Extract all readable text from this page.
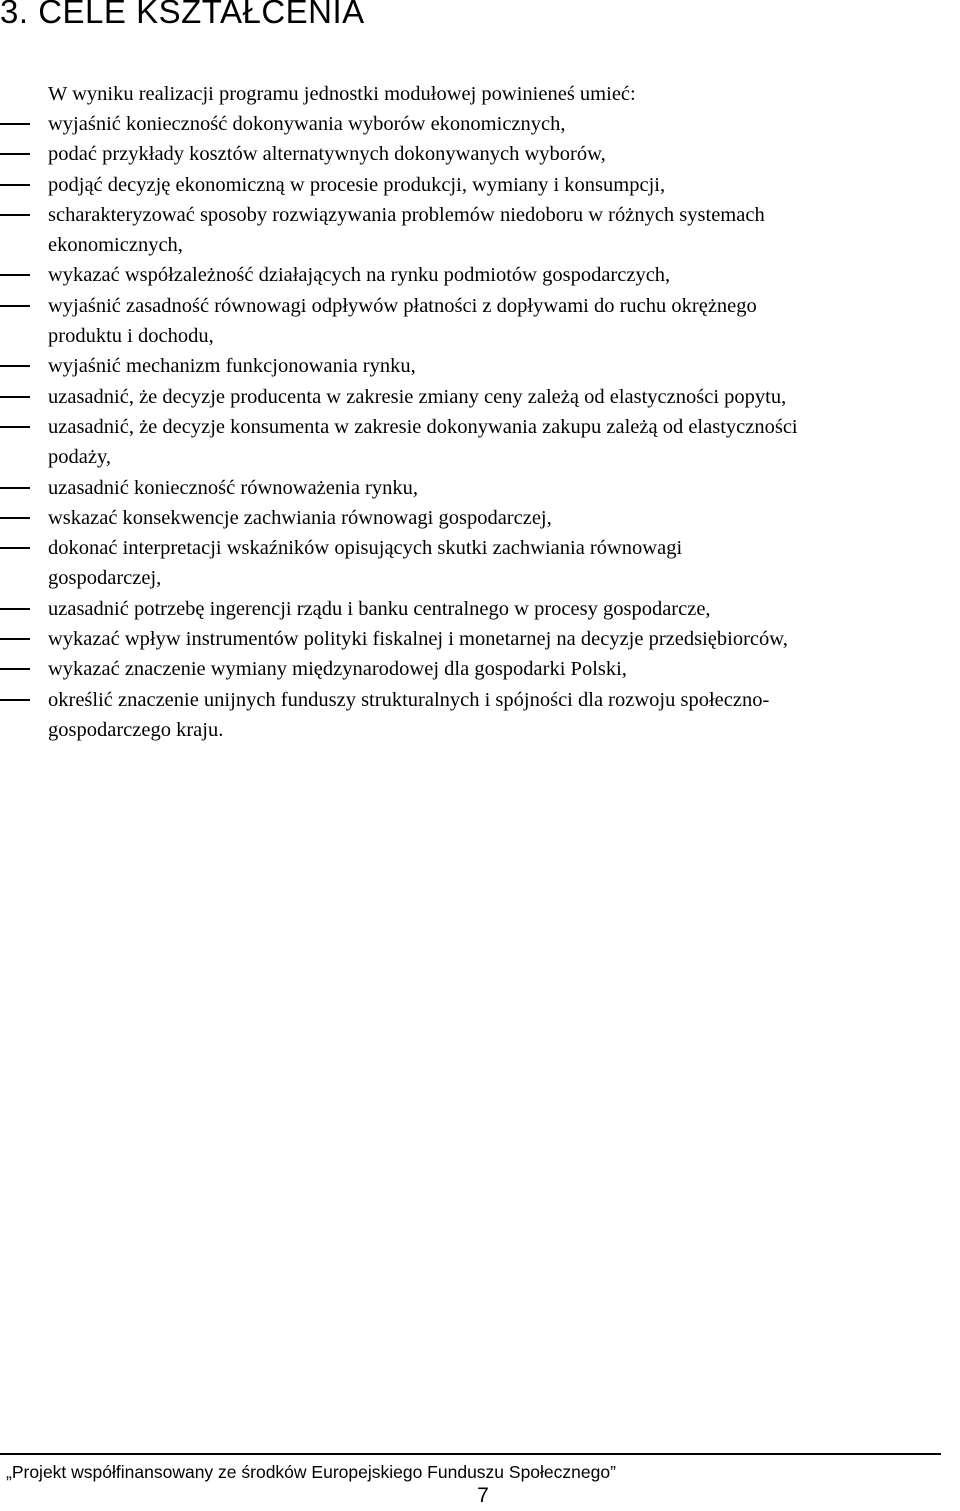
3. CELE KSZTAŁCENIA

W wyniku realizacji programu jednostki modułowej powinieneś umieć:

wyjaśnić konieczność dokonywania wyborów ekonomicznych,
podać przykłady kosztów alternatywnych dokonywanych wyborów,
podjąć decyzję ekonomiczną w procesie produkcji, wymiany i konsumpcji,
scharakteryzować sposoby rozwiązywania problemów niedoboru w różnych systemach
ekonomicznych,
wykazać współzależność działających na rynku podmiotów gospodarczych,
wyjaśnić zasadność równowagi odpływów płatności z dopływami do ruchu okrężnego
produktu i dochodu,
wyjaśnić mechanizm funkcjonowania rynku,
uzasadnić, że decyzje producenta w zakresie zmiany ceny zależą od elastyczności popytu,
uzasadnić, że decyzje konsumenta w zakresie dokonywania zakupu zależą od elastyczności
podaży,
uzasadnić konieczność równoważenia rynku,
wskazać konsekwencje zachwiania równowagi gospodarczej,
dokonać interpretacji wskaźników opisujących skutki zachwiania równowagi
gospodarczej,
uzasadnić potrzebę ingerencji rządu i banku centralnego w procesy gospodarcze,
wykazać wpływ instrumentów polityki fiskalnej i monetarnej na decyzje przedsiębiorców,
wykazać znaczenie wymiany międzynarodowej dla gospodarki Polski,
określić znaczenie unijnych funduszy strukturalnych i spójności dla rozwoju społeczno-
gospodarczego kraju.

„Projekt współfinansowany ze środków Europejskiego Funduszu Społecznego”

7
